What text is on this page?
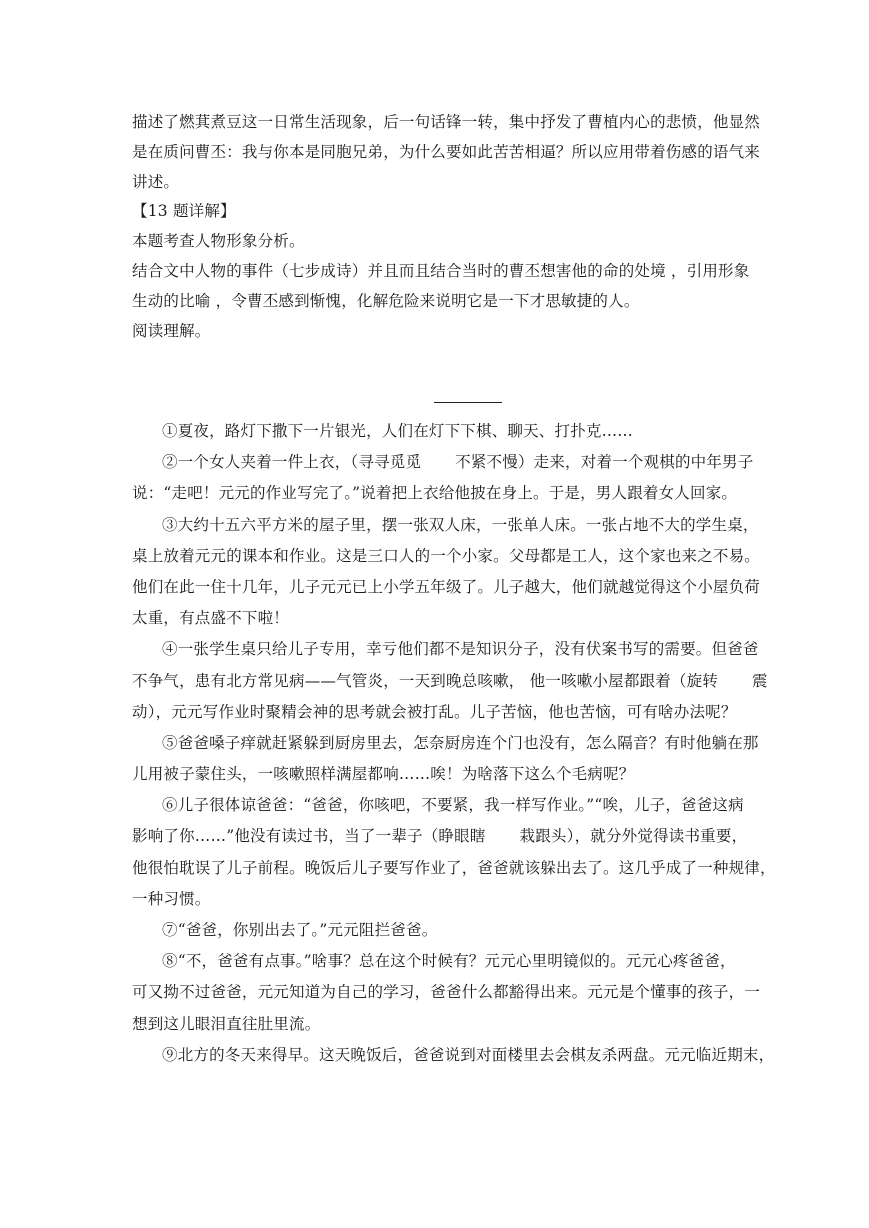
描述了燃萁煮豆这一日常生活现象，后一句话锋一转，集中抒发了曹植内心的悲愤，他显然
是在质问曹丕：我与你本是同胞兄弟，为什么要如此苦苦相逼？所以应用带着伤感的语气来
讲述。
【13 题详解】
本题考查人物形象分析。
结合文中人物的事件（七步成诗）并且而且结合当时的曹丕想害他的命的处境 ，引用形象
生动的比喻 ，令曹丕感到惭愧，化解危险来说明它是一下才思敏捷的人。
阅读理解。
①夏夜，路灯下撒下一片银光，人们在灯下下棋、聊天、打扑克……
②一个女人夹着一件上衣，（寻寻觅觅 不紧不慢）走来，对着一个观棋的中年男子
说：“走吧！元元的作业写完了。”说着把上衣给他披在身上。于是，男人跟着女人回家。
③大约十五六平方米的屋子里，摆一张双人床，一张单人床。一张占地不大的学生桌，
桌上放着元元的课本和作业。这是三口人的一个小家。父母都是工人，这个家也来之不易。
他们在此一住十几年，儿子元元已上小学五年级了。儿子越大，他们就越觉得这个小屋负荷
太重，有点盛不下啦！
④一张学生桌只给儿子专用，幸亏他们都不是知识分子，没有伏案书写的需要。但爸爸
不争气，患有北方常见病——气管炎，一天到晚总咳嗽， 他一咳嗽小屋都跟着（旋转 震
动），元元写作业时聚精会神的思考就会被打乱。儿子苦恼，他也苦恼，可有啥办法呢？
⑤爸爸嗓子痒就赶紧躲到厨房里去，怎奈厨房连个门也没有，怎么隔音？有时他躺在那
儿用被子蒙住头，一咳嗽照样满屋都响……唉！为啥落下这么个毛病呢？
⑥儿子很体谅爸爸：“爸爸，你咳吧，不要紧，我一样写作业。”“唉，儿子，爸爸这病
影响了你……”他没有读过书，当了一辈子（睁眼瞎 栽跟头），就分外觉得读书重要，
他很怕耽误了儿子前程。晚饭后儿子要写作业了，爸爸就该躲出去了。这几乎成了一种规律，
一种习惯。
⑦“爸爸，你别出去了。”元元阻拦爸爸。
⑧“不，爸爸有点事。”啥事？总在这个时候有？元元心里明镜似的。元元心疼爸爸，
可又拗不过爸爸，元元知道为自己的学习，爸爸什么都豁得出来。元元是个懂事的孩子，一
想到这儿眼泪直往肚里流。
⑨北方的冬天来得早。这天晚饭后，爸爸说到对面楼里去会棋友杀两盘。元元临近期末，
